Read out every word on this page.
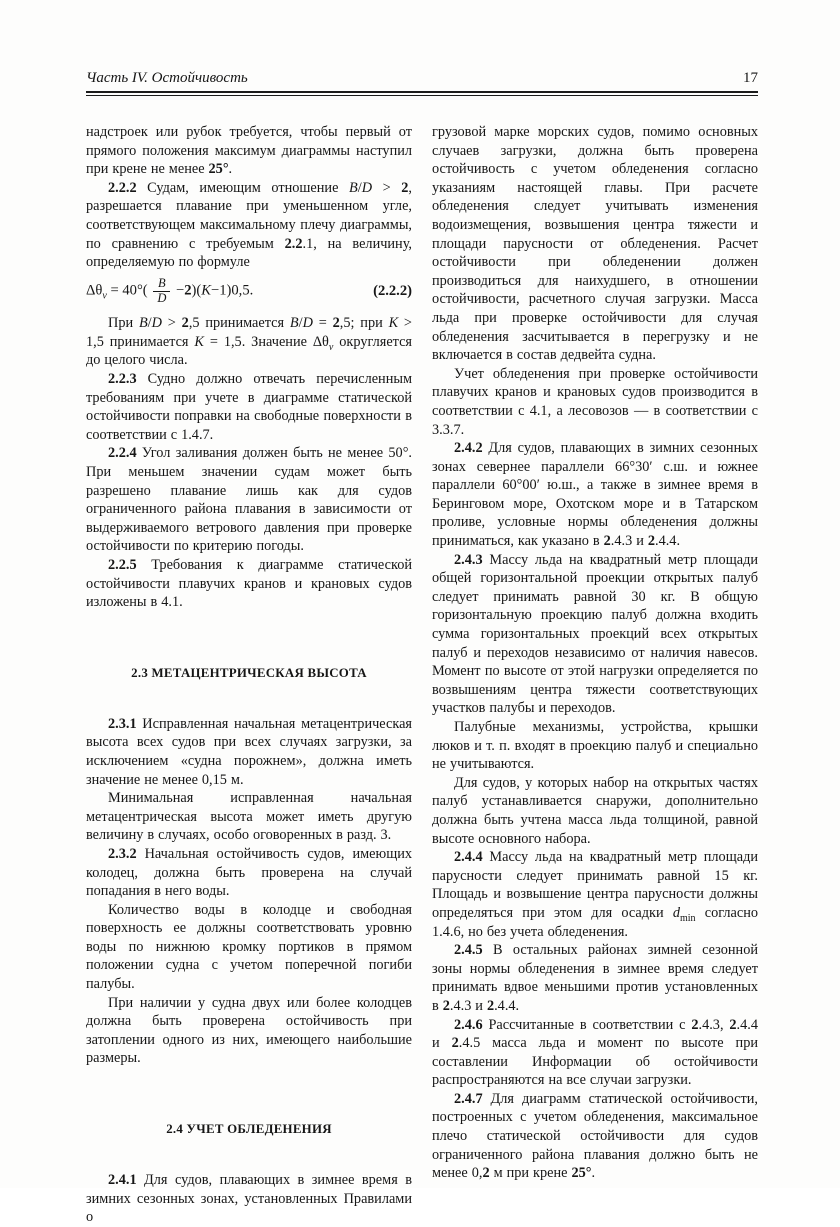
Часть IV. Остойчивость	17

надстроек или рубок требуется, чтобы первый от прямого положения максимум диаграммы наступил при крене не менее 25°.

2.2.2 Судам, имеющим отношение B/D > 2, разрешается плавание при уменьшенном угле, соответствующем максимальному плечу диаграммы, по сравнению с требуемым 2.2.1, на величину, определяемую по формуле

$\Delta\theta_v = 40^\circ( \frac{B}{D} -2)(K-1)0,5$.	(2.2.2)

При B/D > 2,5 принимается B/D = 2,5; при K > 1,5 принимается K = 1,5. Значение $\Delta\theta_v$ округляется до целого числа.

2.2.3 Судно должно отвечать перечисленным требованиям при учете в диаграмме статической остойчивости поправки на свободные поверхности в соответствии с 1.4.7.

2.2.4 Угол заливания должен быть не менее 50°. При меньшем значении судам может быть разрешено плавание лишь как для судов ограниченного района плавания в зависимости от выдерживаемого ветрового давления при проверке остойчивости по критерию погоды.

2.2.5 Требования к диаграмме статической остойчивости плавучих кранов и крановых судов изложены в 4.1.

2.3 МЕТАЦЕНТРИЧЕСКАЯ ВЫСОТА

2.3.1 Исправленная начальная метацентрическая высота всех судов при всех случаях загрузки, за исключением «судна порожнем», должна иметь значение не менее 0,15 м.

Минимальная исправленная начальная метацентрическая высота может иметь другую величину в случаях, особо оговоренных в разд. 3.

2.3.2 Начальная остойчивость судов, имеющих колодец, должна быть проверена на случай попадания в него воды.

Количество воды в колодце и свободная поверхность ее должны соответствовать уровню воды по нижнюю кромку портиков в прямом положении судна с учетом поперечной погиби палубы.

При наличии у судна двух или более колодцев должна быть проверена остойчивость при затоплении одного из них, имеющего наибольшие размеры.

2.4 УЧЕТ ОБЛЕДЕНЕНИЯ

2.4.1 Для судов, плавающих в зимнее время в зимних сезонных зонах, установленных Правилами о

грузовой марке морских судов, помимо основных случаев загрузки, должна быть проверена остойчивость с учетом обледенения согласно указаниям настоящей главы. При расчете обледенения следует учитывать изменения водоизмещения, возвышения центра тяжести и площади парусности от обледенения. Расчет остойчивости при обледенении должен производиться для наихудшего, в отношении остойчивости, расчетного случая загрузки. Масса льда при проверке остойчивости для случая обледенения засчитывается в перегрузку и не включается в состав дедвейта судна.

Учет обледенения при проверке остойчивости плавучих кранов и крановых судов производится в соответствии с 4.1, а лесовозов — в соответствии с 3.3.7.

2.4.2 Для судов, плавающих в зимних сезонных зонах севернее параллели 66°30′ с.ш. и южнее параллели 60°00′ ю.ш., а также в зимнее время в Беринговом море, Охотском море и в Татарском проливе, условные нормы обледенения должны приниматься, как указано в 2.4.3 и 2.4.4.

2.4.3 Массу льда на квадратный метр площади общей горизонтальной проекции открытых палуб следует принимать равной 30 кг. В общую горизонтальную проекцию палуб должна входить сумма горизонтальных проекций всех открытых палуб и переходов независимо от наличия навесов. Момент по высоте от этой нагрузки определяется по возвышениям центра тяжести соответствующих участков палубы и переходов.

Палубные механизмы, устройства, крышки люков и т. п. входят в проекцию палуб и специально не учитываются.

Для судов, у которых набор на открытых частях палуб устанавливается снаружи, дополнительно должна быть учтена масса льда толщиной, равной высоте основного набора.

2.4.4 Массу льда на квадратный метр площади парусности следует принимать равной 15 кг. Площадь и возвышение центра парусности должны определяться при этом для осадки $d_{min}$ согласно 1.4.6, но без учета обледенения.

2.4.5 В остальных районах зимней сезонной зоны нормы обледенения в зимнее время следует принимать вдвое меньшими против установленных в 2.4.3 и 2.4.4.

2.4.6 Рассчитанные в соответствии с 2.4.3, 2.4.4 и 2.4.5 масса льда и момент по высоте при составлении Информации об остойчивости распространяются на все случаи загрузки.

2.4.7 Для диаграмм статической остойчивости, построенных с учетом обледенения, максимальное плечо статической остойчивости для судов ограниченного района плавания должно быть не менее 0,2 м при крене 25°.
